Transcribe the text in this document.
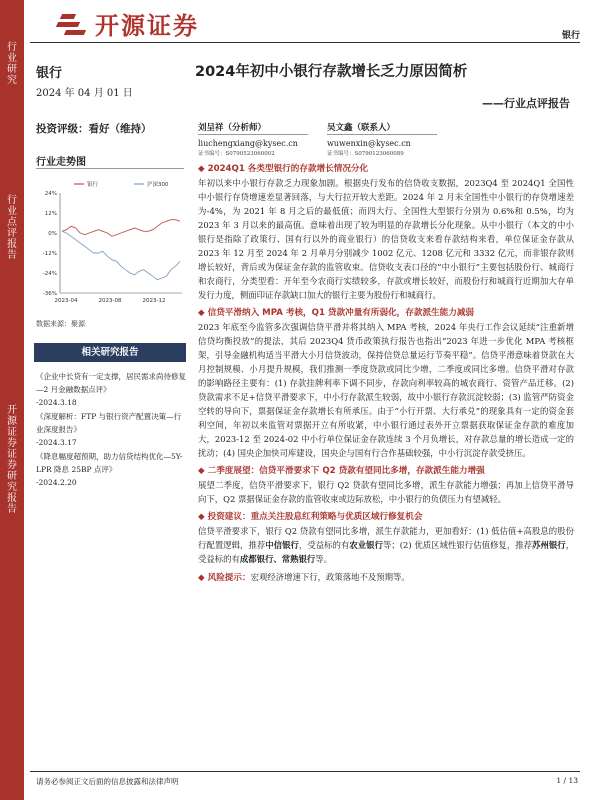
行业研究
行业点评报告
开源证券 证券研究报告
开源证券	银行
银行
2024 年 04 月 01 日
2024年初中小银行存款增长乏力原因简析
——行业点评报告
投资评级：看好（维持）	刘呈祥（分析师）
liuchengxiang@kysec.cn
证书编号：S0790523060002
吴文鑫（联系人）
wuwenxin@kysec.cn
证书编号：S0790123060089
行业走势图
24%
12%
0%
-12%
-24%
-36%
2023-04	2023-08	2023-12
银行	沪深300
数据来源：聚源
相关研究报告
《企业中长贷有一定支撑，居民需求尚待修复—2 月金融数据点评》
-2024.3.18
《深度解析：FTP 与银行资产配置决策—行业深度报告》
-2024.3.17
《降息幅度超预期，助力信贷结构优化—5Y-LPR 降息 25BP 点评》
-2024.2.20
◆ 2024Q1 各类型银行的存款增长情况分化
年初以来中小银行存款乏力现象加剧。根据央行发布的信贷收支数据，2023Q4 至 2024Q1 全国性中小银行存贷增速差显著回落，与大行拉开较大差距。2024 年 2 月末全国性中小银行的存贷增速差为-4%，为 2021 年 8 月之后的最低值；而四大行、全国性大型银行分别为 0.6%和 0.5%，均为 2023 年 3 月以来的最高值。意味着出现了较为明显的存款增长分化现象。从中小银行（本文的中小银行是指除了政策行、国有行以外的商业银行）的信贷收支来看存款结构来看，单位保证金存款从 2023 年 12 月至 2024 年 2 月单月分别减少 1002 亿元、1208 亿元和 3332 亿元，而非银存款则增长较好，背后或为保证金存款的监管收束。信贷收支表口径的“中小银行”主要包括股份行、城商行和农商行，分类型看：开年至今农商行实绩较多，存款或增长较好，而股份行和城商行近期加大存单发行力度，侧面印证存款缺口加大的银行主要为股份行和城商行。
◆ 信贷平滑纳入 MPA 考核，Q1 贷款冲量有所弱化，存款派生能力减弱
2023 年底至今监管多次强调信贷平滑并将其纳入 MPA 考核，2024 年央行工作会议延续“注重新增信贷均衡投放”的提法，其后 2023Q4 货币政策执行报告也指出“2023 年进一步优化 MPA 考核框架，引导金融机构适当平滑大小月信贷波动，保持信贷总量运行节奏平稳”。信贷平滑意味着贷款在大月控制规模、小月提升规模，我们推测一季度贷款或同比少增，二季度或同比多增。信贷平滑对存款的影响路径主要有：(1) 存款挂牌利率下调不同步，存款向利率较高的城农商行、资管产品迁移。(2) 贷款需求不足+信贷平滑要求下，中小行存款派生较弱，故中小银行存款沉淀较弱；(3) 监管严防资金空转的导向下，票据保证金存款增长有所承压。由于“小行开票、大行承兑”的现象具有一定的资金套利空间，年初以来监管对票据开立有所收紧，中小银行通过表外开立票据获取保证金存款的难度加大，2023-12 至 2024-02 中小行单位保证金存款连续 3 个月负增长，对存款总量的增长造成一定的扰动；(4) 国央企加快司库建设，国央企与国有行合作基础较强，中小行沉淀存款受挤压。
◆ 二季度展望：信贷平滑要求下 Q2 贷款有望同比多增，存款派生能力增强
展望二季度，信贷平滑要求下，银行 Q2 贷款有望同比多增，派生存款能力增强；再加上信贷平滑导向下，Q2 票据保证金存款的监管收束或边际放松，中小银行的负债压力有望减轻。
◆ 投资建议：重点关注股息红利策略与优质区域行修复机会
信贷平滑要求下，银行 Q2 贷款有望同比多增，派生存款能力，更加看好：(1) 低估值+高股息的股份行配置逻辑，推荐中信银行，受益标的有农业银行等；(2) 优质区域性银行估值修复，推荐苏州银行，受益标的有成都银行、常熟银行等。
◆ 风险提示：宏观经济增速下行，政策落地不及预期等。
请务必参阅正文后面的信息披露和法律声明	1 / 13
